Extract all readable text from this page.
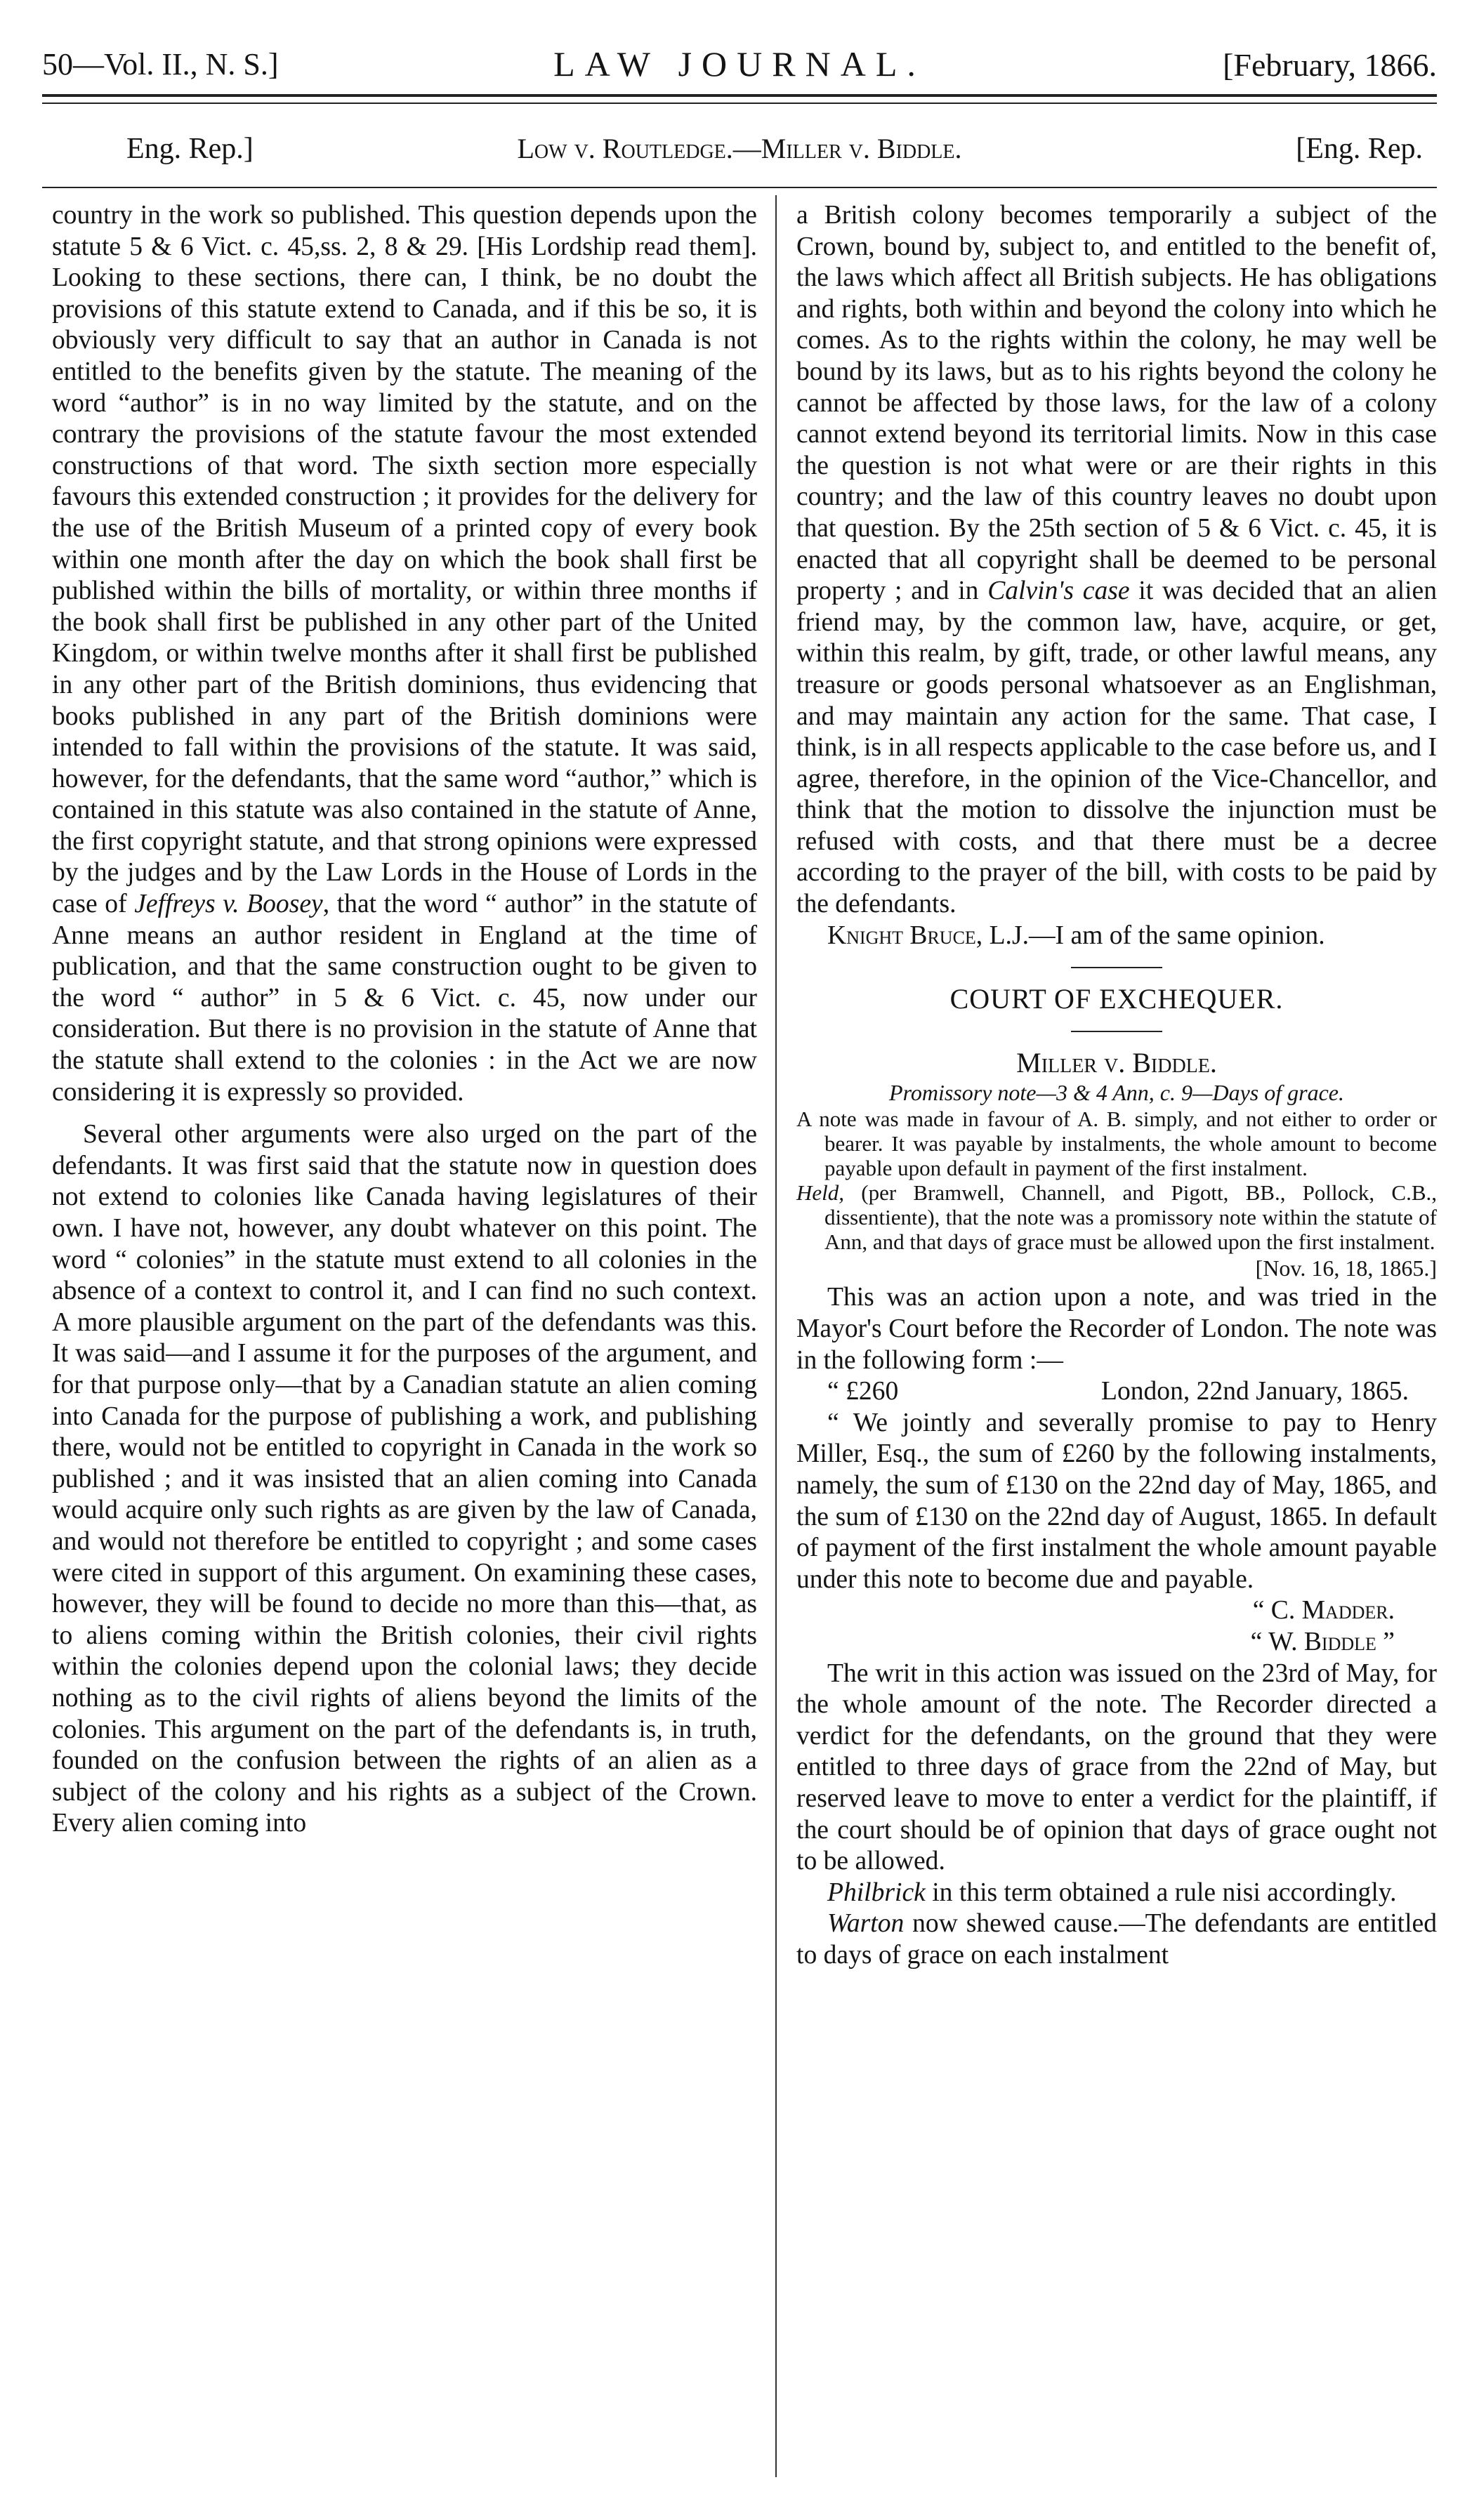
50—Vol. II., N. S.]	LAW JOURNAL.	[February, 1866.
Eng. Rep.]	Low v. Routledge.—Miller v. Biddle.	[Eng. Rep.

country in the work so published. This question depends upon the statute 5 & 6 Vict. c. 45,ss. 2, 8 & 29. [His Lordship read them]. Looking to these sections, there can, I think, be no doubt the provisions of this statute extend to Canada, and if this be so, it is obviously very difficult to say that an author in Canada is not entitled to the benefits given by the statute. The meaning of the word “author” is in no way limited by the statute, and on the contrary the provisions of the statute favour the most extended constructions of that word. The sixth section more especially favours this extended construction ; it provides for the delivery for the use of the British Museum of a printed copy of every book within one month after the day on which the book shall first be published within the bills of mortality, or within three months if the book shall first be published in any other part of the United Kingdom, or within twelve months after it shall first be published in any other part of the British dominions, thus evidencing that books published in any part of the British dominions were intended to fall within the provisions of the statute. It was said, however, for the defendants, that the same word “author,” which is contained in this statute was also contained in the statute of Anne, the first copyright statute, and that strong opinions were expressed by the judges and by the Law Lords in the House of Lords in the case of Jeffreys v. Boosey, that the word “ author” in the statute of Anne means an author resident in England at the time of publication, and that the same construction ought to be given to the word “ author” in 5 & 6 Vict. c. 45, now under our consideration. But there is no provision in the statute of Anne that the statute shall extend to the colonies : in the Act we are now considering it is expressly so provided.

Several other arguments were also urged on the part of the defendants. It was first said that the statute now in question does not extend to colonies like Canada having legislatures of their own. I have not, however, any doubt whatever on this point. The word “ colonies” in the statute must extend to all colonies in the absence of a context to control it, and I can find no such context. A more plausible argument on the part of the defendants was this. It was said—and I assume it for the purposes of the argument, and for that purpose only—that by a Canadian statute an alien coming into Canada for the purpose of publishing a work, and publishing there, would not be entitled to copyright in Canada in the work so published ; and it was insisted that an alien coming into Canada would acquire only such rights as are given by the law of Canada, and would not therefore be entitled to copyright ; and some cases were cited in support of this argument. On examining these cases, however, they will be found to decide no more than this—that, as to aliens coming within the British colonies, their civil rights within the colonies depend upon the colonial laws; they decide nothing as to the civil rights of aliens beyond the limits of the colonies. This argument on the part of the defendants is, in truth, founded on the confusion between the rights of an alien as a subject of the colony and his rights as a subject of the Crown. Every alien coming into

a British colony becomes temporarily a subject of the Crown, bound by, subject to, and entitled to the benefit of, the laws which affect all British subjects. He has obligations and rights, both within and beyond the colony into which he comes. As to the rights within the colony, he may well be bound by its laws, but as to his rights beyond the colony he cannot be affected by those laws, for the law of a colony cannot extend beyond its territorial limits. Now in this case the question is not what were or are their rights in this country; and the law of this country leaves no doubt upon that question. By the 25th section of 5 & 6 Vict. c. 45, it is enacted that all copyright shall be deemed to be personal property ; and in Calvin's case it was decided that an alien friend may, by the common law, have, acquire, or get, within this realm, by gift, trade, or other lawful means, any treasure or goods personal whatsoever as an Englishman, and may maintain any action for the same. That case, I think, is in all respects applicable to the case before us, and I agree, therefore, in the opinion of the Vice-Chancellor, and think that the motion to dissolve the injunction must be refused with costs, and that there must be a decree according to the prayer of the bill, with costs to be paid by the defendants.

Knight Bruce, L.J.—I am of the same opinion.

COURT OF EXCHEQUER.

Miller v. Biddle.

Promissory note—3 & 4 Ann, c. 9—Days of grace.

A note was made in favour of A. B. simply, and not either to order or bearer. It was payable by instalments, the whole amount to become payable upon default in payment of the first instalment.

Held, (per Bramwell, Channell, and Pigott, BB., Pollock, C.B., dissentiente), that the note was a promissory note within the statute of Ann, and that days of grace must be allowed upon the first instalment.

[Nov. 16, 18, 1865.]

This was an action upon a note, and was tried in the Mayor's Court before the Recorder of London. The note was in the following form :—

“ £260	London, 22nd January, 1865.

“ We jointly and severally promise to pay to Henry Miller, Esq., the sum of £260 by the following instalments, namely, the sum of £130 on the 22nd day of May, 1865, and the sum of £130 on the 22nd day of August, 1865. In default of payment of the first instalment the whole amount payable under this note to become due and payable.

“ C. Madder.

“ W. Biddle ”

The writ in this action was issued on the 23rd of May, for the whole amount of the note. The Recorder directed a verdict for the defendants, on the ground that they were entitled to three days of grace from the 22nd of May, but reserved leave to move to enter a verdict for the plaintiff, if the court should be of opinion that days of grace ought not to be allowed.

Philbrick in this term obtained a rule nisi accordingly.

Warton now shewed cause.—The defendants are entitled to days of grace on each instalment
